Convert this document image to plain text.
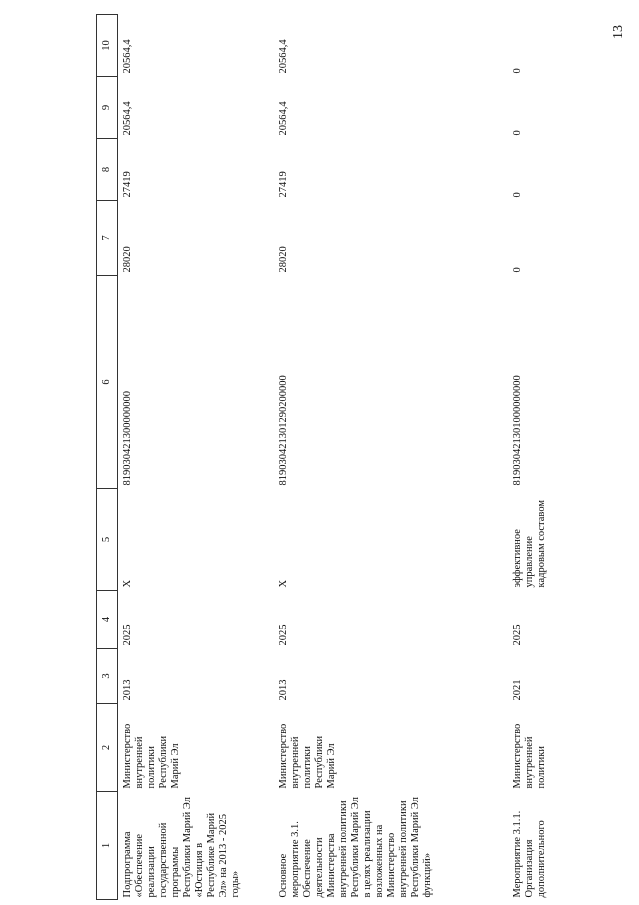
13
1	2	3	4	5	6	7	8	9	10
Подпрограмма «Обеспечение реализации государственной программы Республики Марий Эл «Юстиция в Республике Марий Эл» на 2013 - 2025 годы»	Министерство внутренней политики Республики Марий Эл	2013	2025	X	819030421300000000	28020	27419	20564,4	20564,4
Основное мероприятие 3.1. Обеспечение деятельности Министерства внутренней политики Республики Марий Эл в целях реализации возложенных на Министерство внутренней политики Республики Марий Эл функций»	Министерство внутренней политики Республики Марий Эл	2013	2025	X	819030421301290200000	28020	27419	20564,4	20564,4
Мероприятие 3.1.1. Организация дополнительного	Министерство внутренней политики	2021	2025	эффективное управление кадровым составом	819030421301000000000	0	0	0	0
